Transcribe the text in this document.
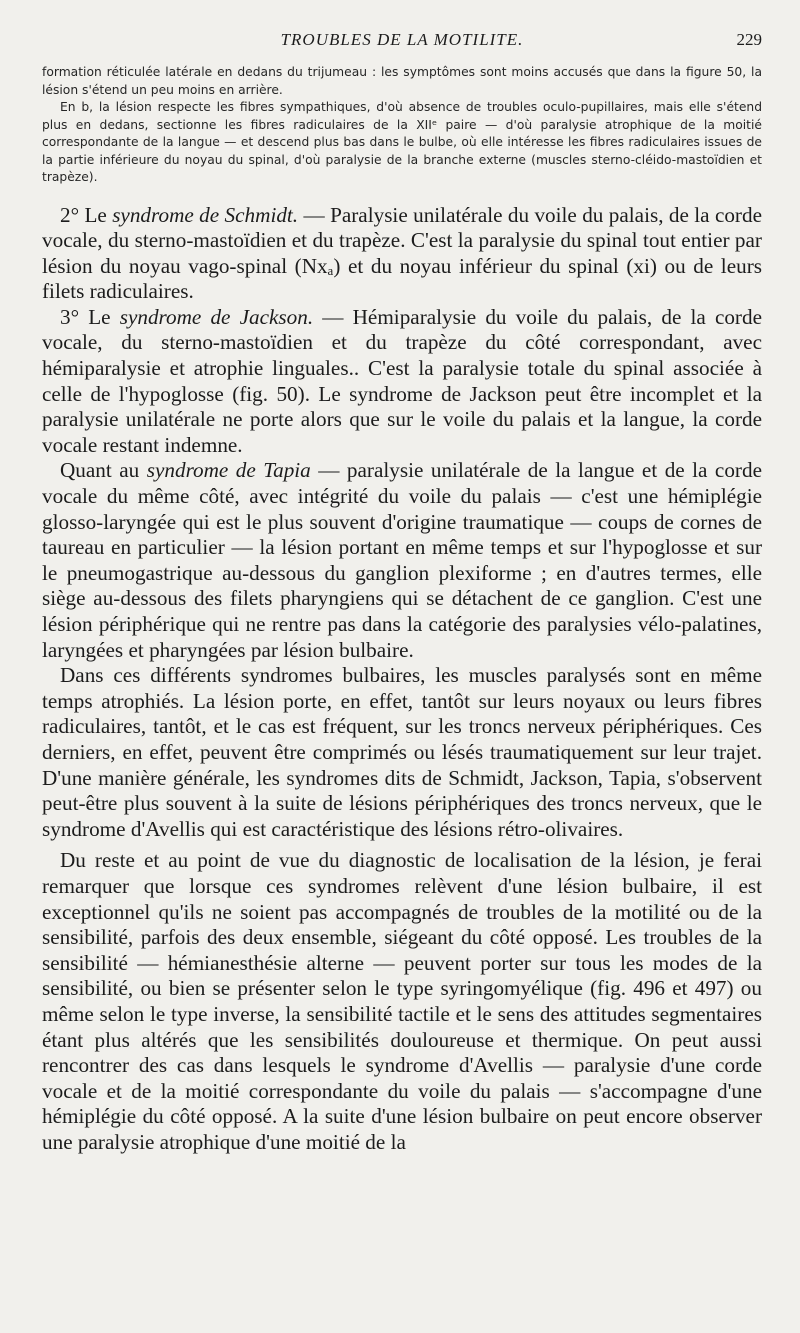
TROUBLES DE LA MOTILITE.	229

formation réticulée latérale en dedans du trijumeau : les symptômes sont moins accusés que dans la figure 50, la lésion s'étend un peu moins en arrière.

En b, la lésion respecte les fibres sympathiques, d'où absence de troubles oculo-pupillaires, mais elle s'étend plus en dedans, sectionne les fibres radiculaires de la XIIᵉ paire — d'où paralysie atrophique de la moitié correspondante de la langue — et descend plus bas dans le bulbe, où elle intéresse les fibres radiculaires issues de la partie inférieure du noyau du spinal, d'où paralysie de la branche externe (muscles sterno-cléido-mastoïdien et trapèze).

2° Le syndrome de Schmidt. — Paralysie unilatérale du voile du palais, de la corde vocale, du sterno-mastoïdien et du trapèze. C'est la paralysie du spinal tout entier par lésion du noyau vago-spinal (Nxₐ) et du noyau inférieur du spinal (xi) ou de leurs filets radiculaires.

3° Le syndrome de Jackson. — Hémiparalysie du voile du palais, de la corde vocale, du sterno-mastoïdien et du trapèze du côté correspondant, avec hémiparalysie et atrophie linguales.. C'est la paralysie totale du spinal associée à celle de l'hypoglosse (fig. 50). Le syndrome de Jackson peut être incomplet et la paralysie unilatérale ne porte alors que sur le voile du palais et la langue, la corde vocale restant indemne.

Quant au syndrome de Tapia — paralysie unilatérale de la langue et de la corde vocale du même côté, avec intégrité du voile du palais — c'est une hémiplégie glosso-laryngée qui est le plus souvent d'origine traumatique — coups de cornes de taureau en particulier — la lésion portant en même temps et sur l'hypoglosse et sur le pneumogastrique au-dessous du ganglion plexiforme ; en d'autres termes, elle siège au-dessous des filets pharyngiens qui se détachent de ce ganglion. C'est une lésion périphérique qui ne rentre pas dans la catégorie des paralysies vélo-palatines, laryngées et pharyngées par lésion bulbaire.

Dans ces différents syndromes bulbaires, les muscles paralysés sont en même temps atrophiés. La lésion porte, en effet, tantôt sur leurs noyaux ou leurs fibres radiculaires, tantôt, et le cas est fréquent, sur les troncs nerveux périphériques. Ces derniers, en effet, peuvent être comprimés ou lésés traumatiquement sur leur trajet. D'une manière générale, les syndromes dits de Schmidt, Jackson, Tapia, s'observent peut-être plus souvent à la suite de lésions périphériques des troncs nerveux, que le syndrome d'Avellis qui est caractéristique des lésions rétro-olivaires.

Du reste et au point de vue du diagnostic de localisation de la lésion, je ferai remarquer que lorsque ces syndromes relèvent d'une lésion bulbaire, il est exceptionnel qu'ils ne soient pas accompagnés de troubles de la motilité ou de la sensibilité, parfois des deux ensemble, siégeant du côté opposé. Les troubles de la sensibilité — hémianesthésie alterne — peuvent porter sur tous les modes de la sensibilité, ou bien se présenter selon le type syringomyélique (fig. 496 et 497) ou même selon le type inverse, la sensibilité tactile et le sens des attitudes segmentaires étant plus altérés que les sensibilités douloureuse et thermique. On peut aussi rencontrer des cas dans lesquels le syndrome d'Avellis — paralysie d'une corde vocale et de la moitié correspondante du voile du palais — s'accompagne d'une hémiplégie du côté opposé. A la suite d'une lésion bulbaire on peut encore observer une paralysie atrophique d'une moitié de la
